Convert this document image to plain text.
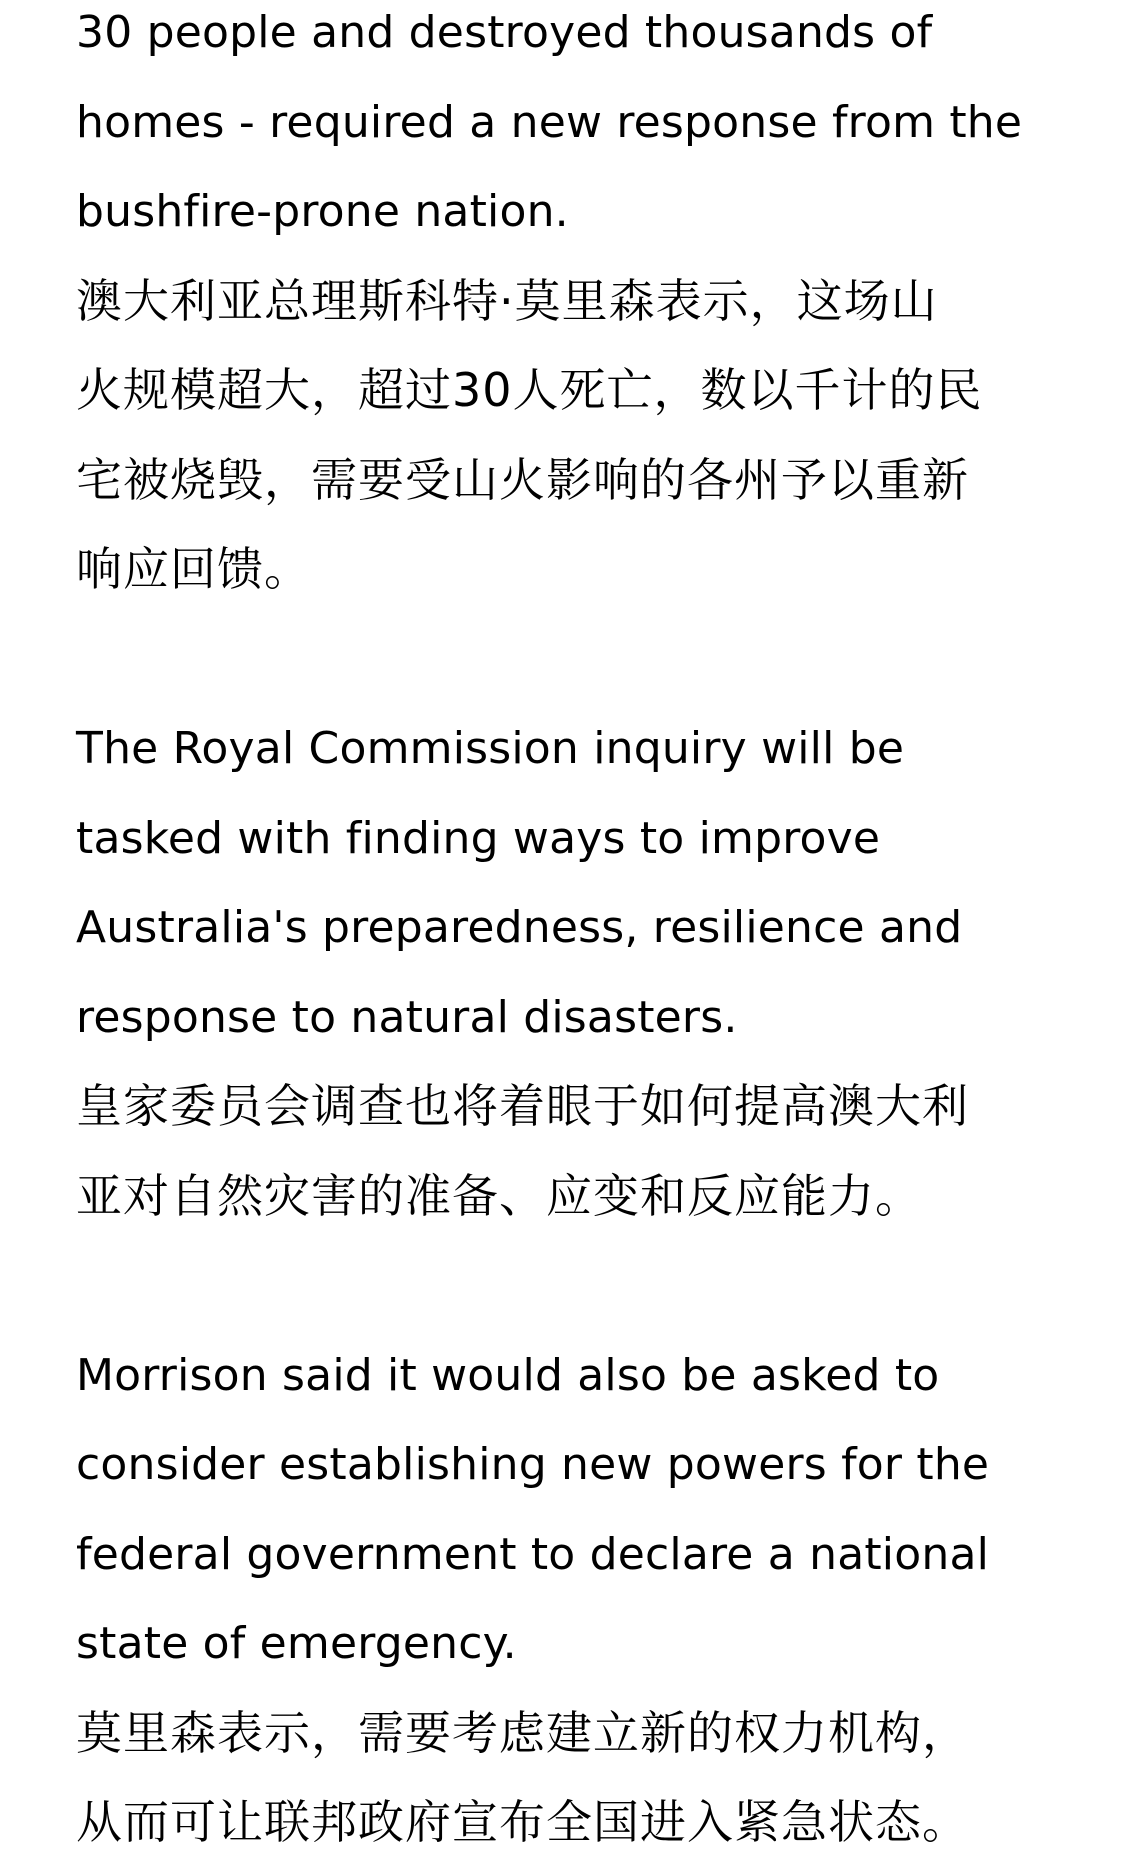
30 people and destroyed thousands of
homes - required a new response from the
bushfire-prone nation.
澳大利亚总理斯科特·莫里森表示，这场山
火规模超大，超过30人死亡，数以千计的民
宅被烧毁，需要受山火影响的各州予以重新
响应回馈。
The Royal Commission inquiry will be
tasked with finding ways to improve
Australia's preparedness, resilience and
response to natural disasters.
皇家委员会调查也将着眼于如何提高澳大利
亚对自然灾害的准备、应变和反应能力。
Morrison said it would also be asked to
consider establishing new powers for the
federal government to declare a national
state of emergency.
莫里森表示，需要考虑建立新的权力机构，
从而可让联邦政府宣布全国进入紧急状态。
